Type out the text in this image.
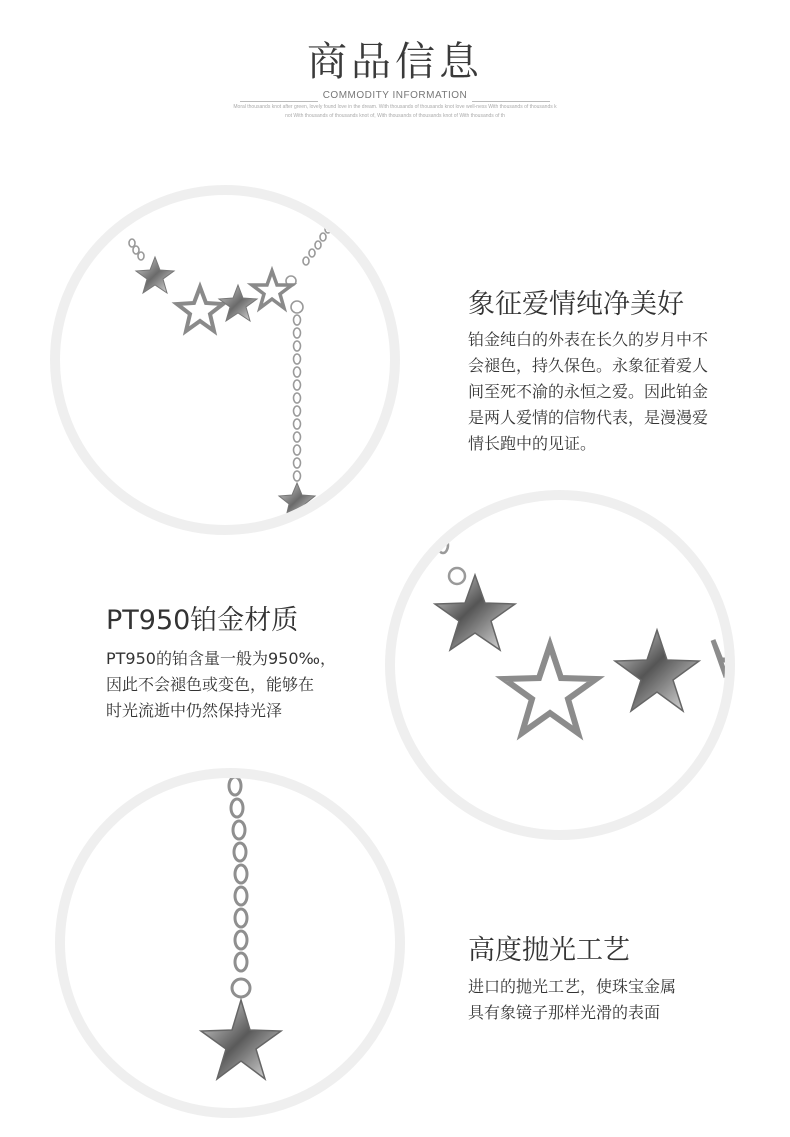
商品信息
COMMODITY INFORMATION
Moral thousands knot after green, lovely found love in the dream. With thousands of thousands knot love well-ness With thousands of thousands k
not With thousands of thousands knot of, With thousands of thousands knot of With thousands of th
象征爱情纯净美好
铂金纯白的外表在长久的岁月中不
会褪色，持久保色。永象征着爱人
间至死不渝的永恒之爱。因此铂金
是两人爱情的信物代表，是漫漫爱
情长跑中的见证。
PT950铂金材质
PT950的铂含量一般为950‰，
因此不会褪色或变色，能够在
时光流逝中仍然保持光泽
高度抛光工艺
进口的抛光工艺，使珠宝金属
具有象镜子那样光滑的表面
